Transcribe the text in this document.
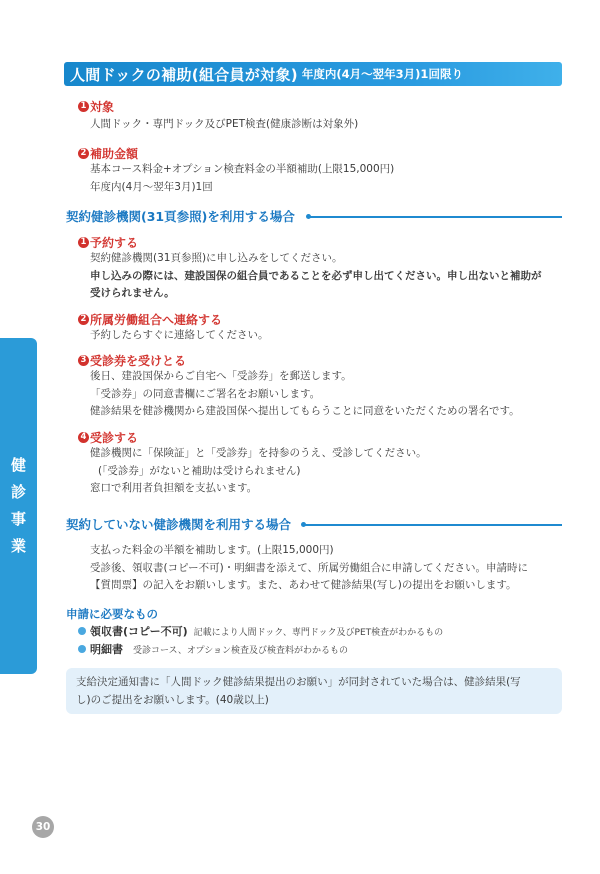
人間ドックの補助(組合員が対象) 年度内(4月～翌年3月)1回限り
1 対象

人間ドック・専門ドック及びPET検査(健康診断は対象外)

2 補助金額

基本コース料金+オプション検査料金の半額補助(上限15,000円)

年度内(4月～翌年3月)1回

契約健診機関(31頁参照)を利用する場合
1 予約する

契約健診機関(31頁参照)に申し込みをしてください。

申し込みの際には、建設国保の組合員であることを必ず申し出てください。申し出ないと補助が

受けられません。

2 所属労働組合へ連絡する

予約したらすぐに連絡してください。

3 受診券を受けとる

後日、建設国保からご自宅へ「受診券」を郵送します。

「受診券」の同意書欄にご署名をお願いします。

健診結果を健診機関から建設国保へ提出してもらうことに同意をいただくための署名です。

4 受診する

健診機関に「保険証」と「受診券」を持参のうえ、受診してください。

(「受診券」がないと補助は受けられません)

窓口で利用者負担額を支払います。

契約していない健診機関を利用する場合

支払った料金の半額を補助します。(上限15,000円)

受診後、領収書(コピー不可)・明細書を添えて、所属労働組合に申請してください。申請時に

【質問票】の記入をお願いします。また、あわせて健診結果(写し)の提出をお願いします。

申請に必要なもの
領収書(コピー不可) 記載により人間ドック、専門ドック及びPET検査がわかるもの
明細書 受診コース、オプション検査及び検査料がわかるもの

支給決定通知書に「人間ドック健診結果提出のお願い」が同封されていた場合は、健診結果(写

し)のご提出をお願いします。(40歳以上)

健
診
事
業
30
